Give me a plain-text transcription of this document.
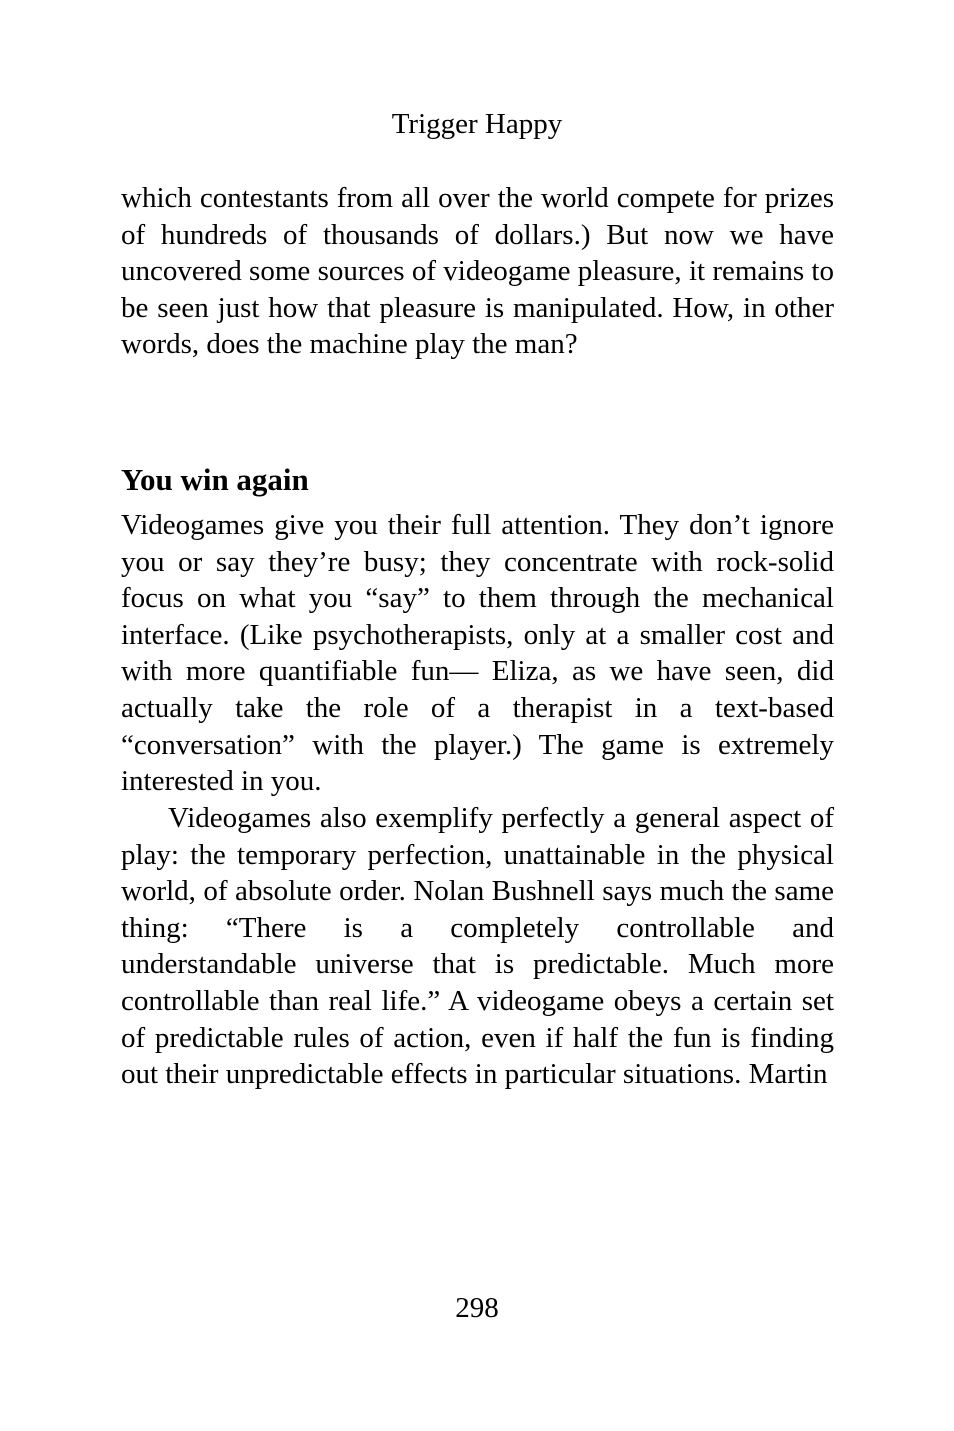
Trigger Happy

which contestants from all over the world compete for prizes of hundreds of thousands of dollars.) But now we have uncovered some sources of videogame pleasure, it remains to be seen just how that pleasure is manipulated. How, in other words, does the machine play the man?

You win again

Videogames give you their full attention. They don’t ignore you or say they’re busy; they concentrate with rock-solid focus on what you “say” to them through the mechanical interface. (Like psychotherapists, only at a smaller cost and with more quantifiable fun— Eliza, as we have seen, did actually take the role of a therapist in a text-based “conversation” with the player.) The game is extremely interested in you.

Videogames also exemplify perfectly a general aspect of play: the temporary perfection, unattainable in the physical world, of absolute order. Nolan Bushnell says much the same thing: “There is a completely controllable and understandable universe that is predictable. Much more controllable than real life.” A videogame obeys a certain set of predictable rules of action, even if half the fun is finding out their unpredictable effects in particular situations. Martin

298
